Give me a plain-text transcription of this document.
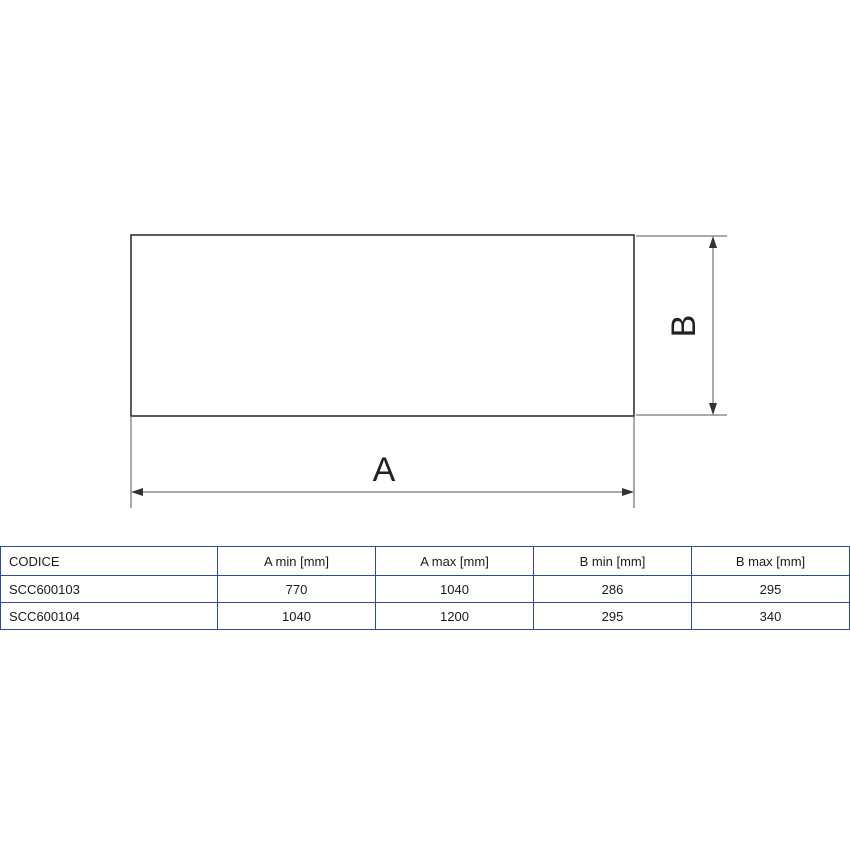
B
A
CODICE	A min [mm]	A max [mm]	B min [mm]	B max [mm]
SCC600103	770	1040	286	295
SCC600104	1040	1200	295	340
